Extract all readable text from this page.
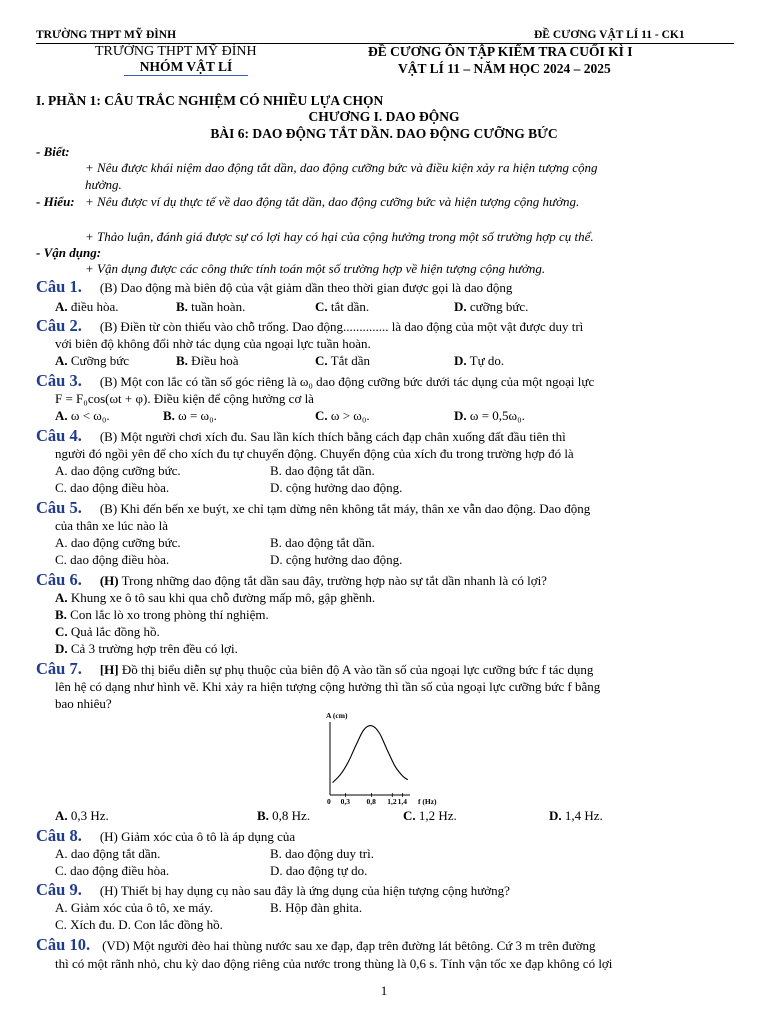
TRƯỜNG THPT MỸ ĐÌNH	ĐỀ CƯƠNG VẬT LÍ 11 - CK1
TRƯỜNG THPT MỸ ĐÌNH
NHÓM VẬT LÍ
ĐỀ CƯƠNG ÔN TẬP KIỂM TRA CUỐI KÌ I
VẬT LÍ 11 – NĂM HỌC 2024 – 2025
I. PHẦN 1: CÂU TRẮC NGHIỆM CÓ NHIỀU LỰA CHỌN
CHƯƠNG I. DAO ĐỘNG
BÀI 6: DAO ĐỘNG TẮT DẦN. DAO ĐỘNG CƯỠNG BỨC
- Biết:
+ Nêu được khái niệm dao động tắt dần, dao động cưỡng bức và điều kiện xảy ra hiện tượng cộng
hưởng.
- Hiểu: + Nêu được ví dụ thực tế về dao động tắt dần, dao động cưỡng bức và hiện tượng cộng hưởng.
+ Thảo luận, đánh giá được sự có lợi hay có hại của cộng hưởng trong một số trường hợp cụ thể.
- Vận dụng:
+ Vận dụng được các công thức tính toán một số trường hợp về hiện tượng cộng hưởng.
Câu 1. (B) Dao động mà biên độ của vật giảm dần theo thời gian được gọi là dao động
A. điều hòa.	B. tuần hoàn.	C. tắt dần.	D. cưỡng bức.
Câu 2. (B) Điền từ còn thiếu vào chỗ trống. Dao động.............. là dao động của một vật được duy trì
với biên độ không đổi nhờ tác dụng của ngoại lực tuần hoàn.
A. Cưỡng bức	B. Điều hoà	C. Tắt dần	D. Tự do.
Câu 3. (B) Một con lắc có tần số góc riêng là ω₀ dao động cưỡng bức dưới tác dụng của một ngoại lực
F = F₀cos(ωt + φ). Điều kiện để cộng hưởng cơ là
A. ω < ω₀.	B. ω = ω₀.	C. ω > ω₀.	D. ω = 0,5ω₀.
Câu 4. (B) Một người chơi xích đu. Sau lần kích thích bằng cách đạp chân xuống đất đầu tiên thì
người đó ngồi yên để cho xích đu tự chuyển động. Chuyển động của xích đu trong trường hợp đó là
A. dao động cưỡng bức.	B. dao động tắt dần.
C. dao động điều hòa.	D. cộng hưởng dao động.
Câu 5. (B) Khi đến bến xe buýt, xe chỉ tạm dừng nên không tắt máy, thân xe vẫn dao động. Dao động
của thân xe lúc nào là
A. dao động cưỡng bức.	B. dao động tắt dần.
C. dao động điều hòa.	D. cộng hưởng dao động.
Câu 6. (H) Trong những dao động tắt dần sau đây, trường hợp nào sự tắt dần nhanh là có lợi?
A. Khung xe ô tô sau khi qua chỗ đường mấp mô, gập ghềnh.
B. Con lắc lò xo trong phòng thí nghiệm.
C. Quả lắc đồng hồ.
D. Cả 3 trường hợp trên đều có lợi.
Câu 7. [H] Đồ thị biểu diễn sự phụ thuộc của biên độ A vào tần số của ngoại lực cưỡng bức f tác dụng
lên hệ có dạng như hình vẽ. Khi xảy ra hiện tượng cộng hưởng thì tần số của ngoại lực cưỡng bức f bằng
bao nhiêu?
A (cm)
0 0,3 0,8 1,2 1,4 f (Hz)
A. 0,3 Hz.	B. 0,8 Hz.	C. 1,2 Hz.	D. 1,4 Hz.
Câu 8. (H) Giảm xóc của ô tô là áp dụng của
A. dao động tắt dần.	B. dao động duy trì.
C. dao động điều hòa.	D. dao động tự do.
Câu 9. (H) Thiết bị hay dụng cụ nào sau đây là ứng dụng của hiện tượng cộng hưởng?
A. Giảm xóc của ô tô, xe máy.	B. Hộp đàn ghita.
C. Xích đu. D. Con lắc đồng hồ.
Câu 10. (VD) Một người đèo hai thùng nước sau xe đạp, đạp trên đường lát bêtông. Cứ 3 m trên đường
thì có một rãnh nhỏ, chu kỳ dao động riêng của nước trong thùng là 0,6 s. Tính vận tốc xe đạp không có lợi
1
